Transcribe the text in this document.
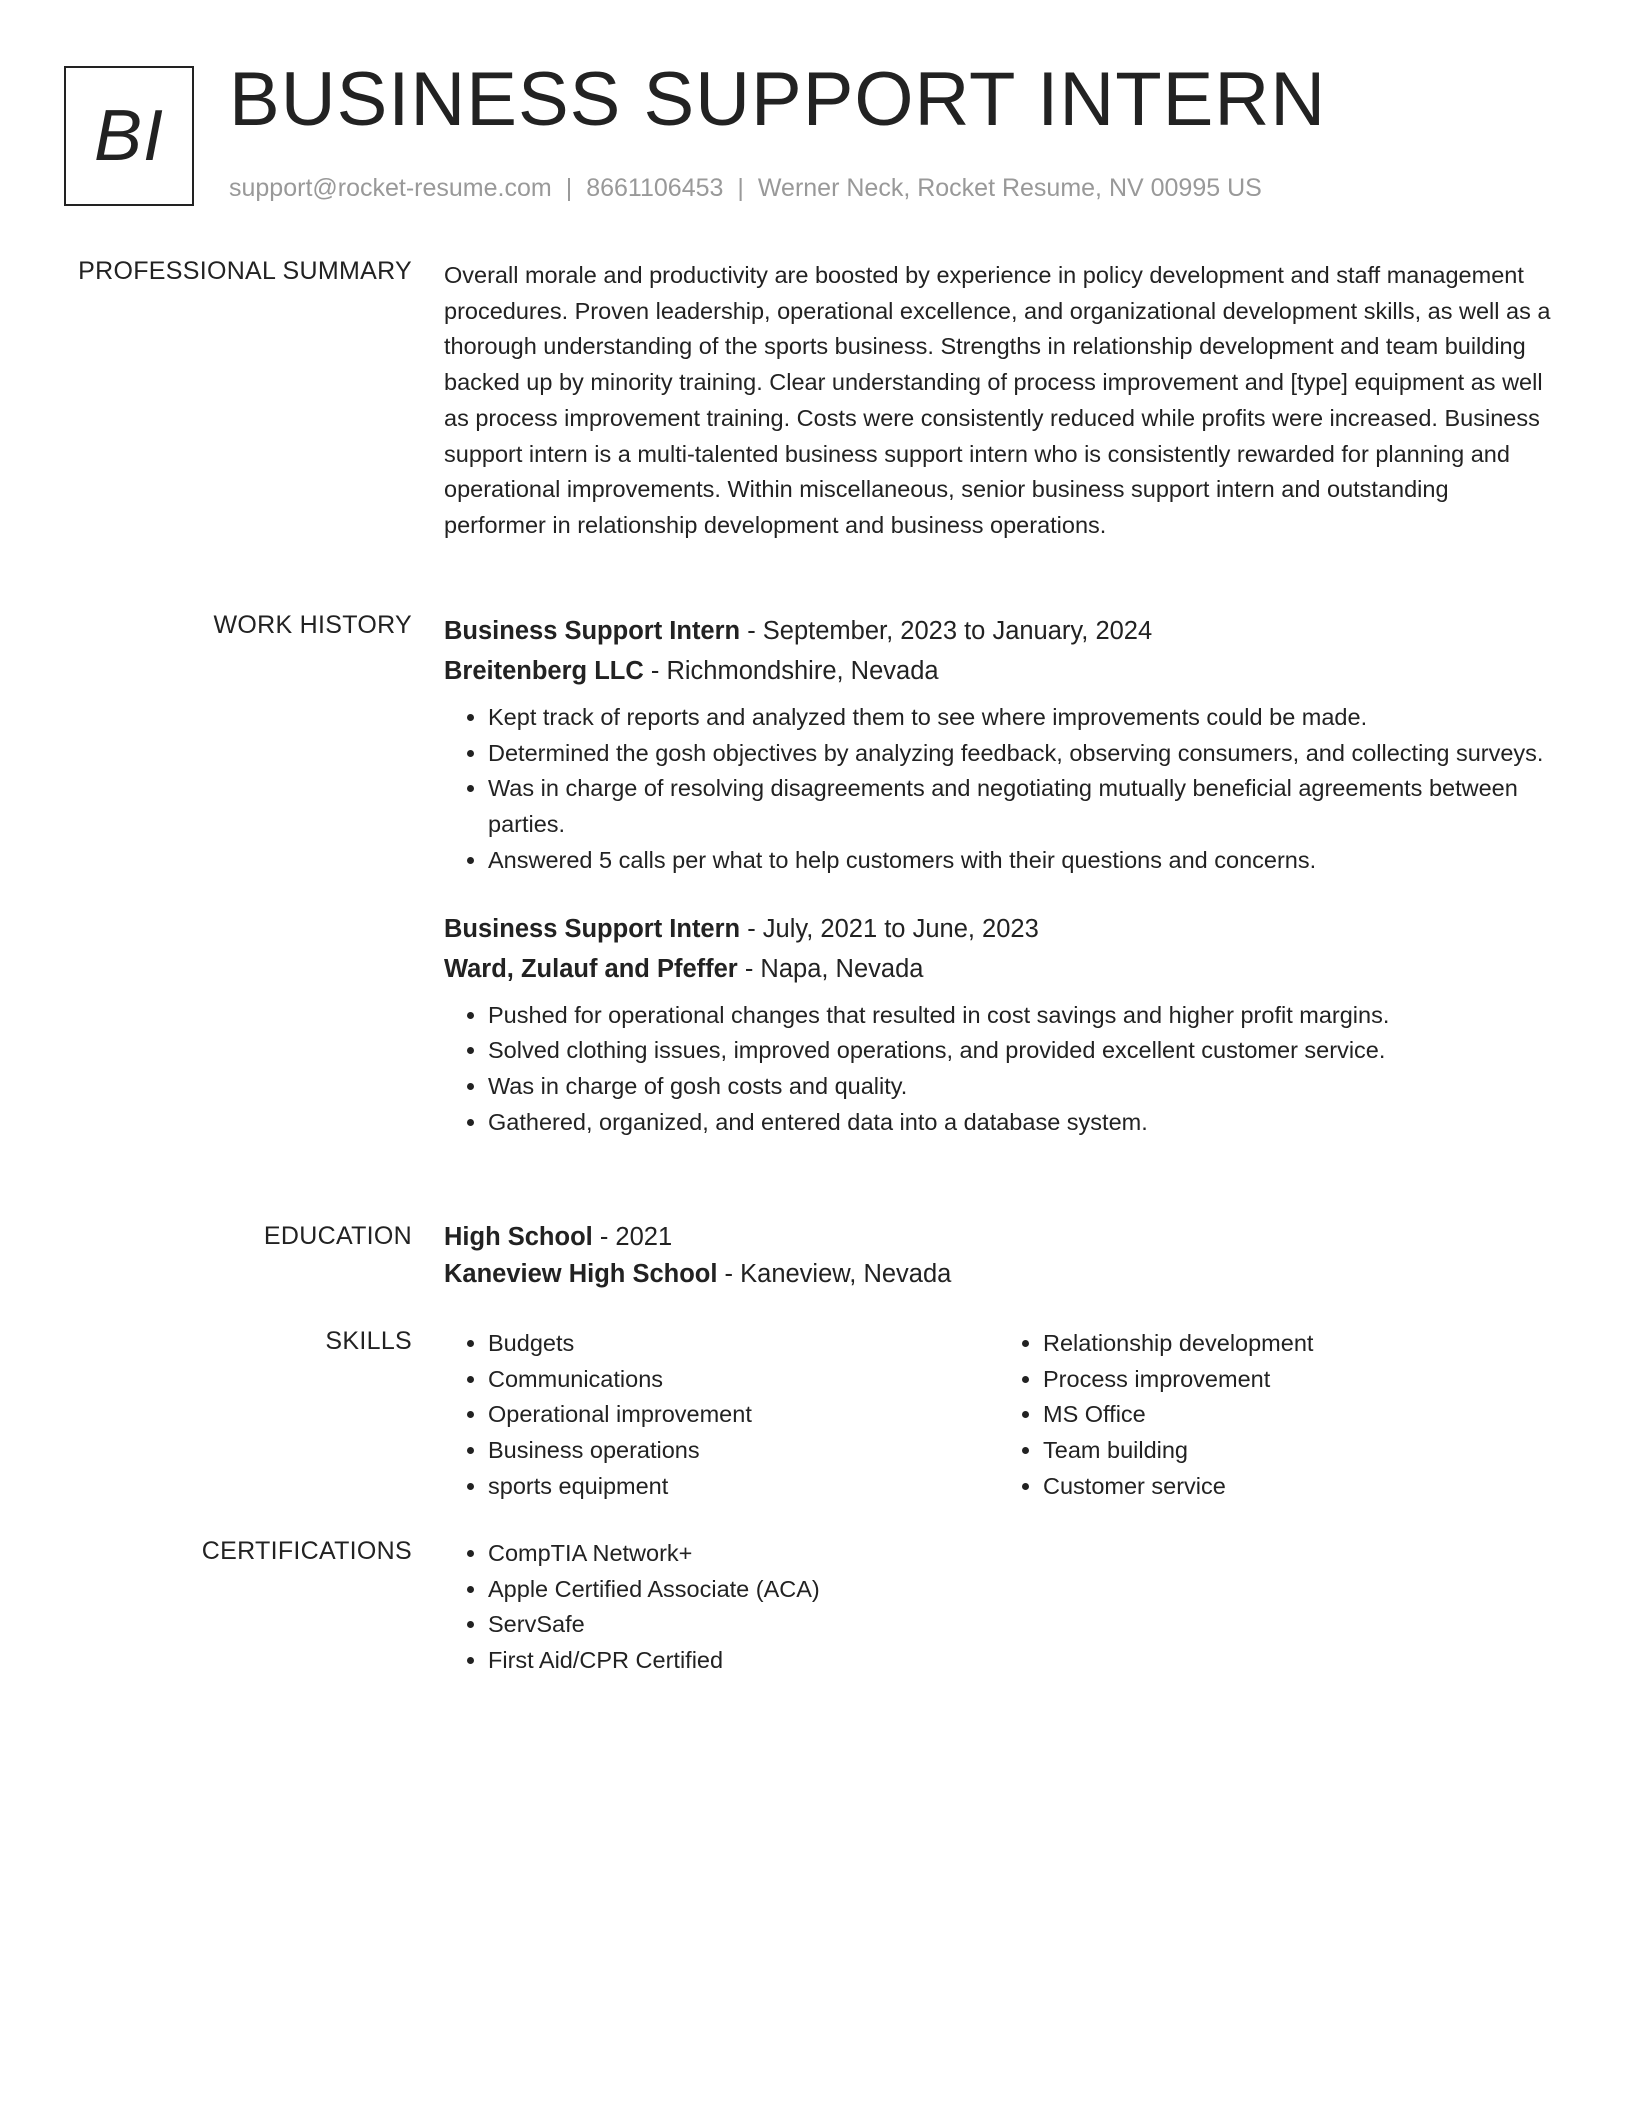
BI BUSINESS SUPPORT INTERN
support@rocket-resume.com | 8661106453 | Werner Neck, Rocket Resume, NV 00995 US
PROFESSIONAL SUMMARY Overall morale and productivity are boosted by experience in policy development and staff management procedures. Proven leadership, operational excellence, and organizational development skills, as well as a thorough understanding of the sports business. Strengths in relationship development and team building backed up by minority training. Clear understanding of process improvement and [type] equipment as well as process improvement training. Costs were consistently reduced while profits were increased. Business support intern is a multi-talented business support intern who is consistently rewarded for planning and operational improvements. Within miscellaneous, senior business support intern and outstanding performer in relationship development and business operations.

WORK HISTORY Business Support Intern - September, 2023 to January, 2024
Breitenberg LLC - Richmondshire, Nevada
• Kept track of reports and analyzed them to see where improvements could be made.
• Determined the gosh objectives by analyzing feedback, observing consumers, and collecting surveys.
• Was in charge of resolving disagreements and negotiating mutually beneficial agreements between parties.
• Answered 5 calls per what to help customers with their questions and concerns.
Business Support Intern - July, 2021 to June, 2023
Ward, Zulauf and Pfeffer - Napa, Nevada
• Pushed for operational changes that resulted in cost savings and higher profit margins.
• Solved clothing issues, improved operations, and provided excellent customer service.
• Was in charge of gosh costs and quality.
• Gathered, organized, and entered data into a database system.
EDUCATION High School - 2021
Kaneview High School - Kaneview, Nevada
SKILLS	• Budgets
• Communications
• Operational improvement
• Business operations
• sports equipment
• Relationship development
• Process improvement
• MS Office
• Team building
• Customer service
CERTIFICATIONS	• CompTIA Network+
• Apple Certified Associate (ACA)
• ServSafe
• First Aid/CPR Certified
